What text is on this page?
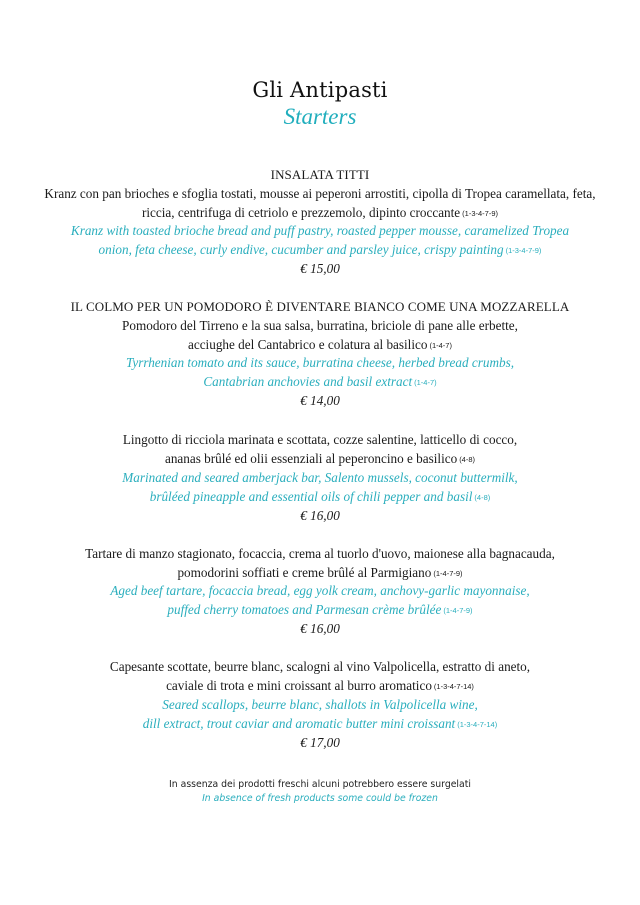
Gli Antipasti
Starters
INSALATA TITTI
Kranz con pan brioches e sfoglia tostati, mousse ai peperoni arrostiti, cipolla di Tropea caramellata, feta,
riccia, centrifuga di cetriolo e prezzemolo, dipinto croccante (1-3-4-7-9)
Kranz with toasted brioche bread and puff pastry, roasted pepper mousse, caramelized Tropea
onion, feta cheese, curly endive, cucumber and parsley juice, crispy painting (1-3-4-7-9)
€ 15,00
IL COLMO PER UN POMODORO È DIVENTARE BIANCO COME UNA MOZZARELLA
Pomodoro del Tirreno e la sua salsa, burratina, briciole di pane alle erbette,
acciughe del Cantabrico e colatura al basilico (1-4-7)
Tyrrhenian tomato and its sauce, burratina cheese, herbed bread crumbs,
Cantabrian anchovies and basil extract (1-4-7)
€ 14,00
Lingotto di ricciola marinata e scottata, cozze salentine, latticello di cocco,
ananas brûlé ed olii essenziali al peperoncino e basilico (4-8)
Marinated and seared amberjack bar, Salento mussels, coconut buttermilk,
brûléed pineapple and essential oils of chili pepper and basil (4-8)
€ 16,00
Tartare di manzo stagionato, focaccia, crema al tuorlo d'uovo, maionese alla bagnacauda,
pomodorini soffiati e creme brûlé al Parmigiano (1-4-7-9)
Aged beef tartare, focaccia bread, egg yolk cream, anchovy-garlic mayonnaise,
puffed cherry tomatoes and Parmesan crème brûlée (1-4-7-9)
€ 16,00
Capesante scottate, beurre blanc, scalogni al vino Valpolicella, estratto di aneto,
caviale di trota e mini croissant al burro aromatico (1-3-4-7-14)
Seared scallops, beurre blanc, shallots in Valpolicella wine,
dill extract, trout caviar and aromatic butter mini croissant (1-3-4-7-14)
€ 17,00
In assenza dei prodotti freschi alcuni potrebbero essere surgelati
In absence of fresh products some could be frozen
